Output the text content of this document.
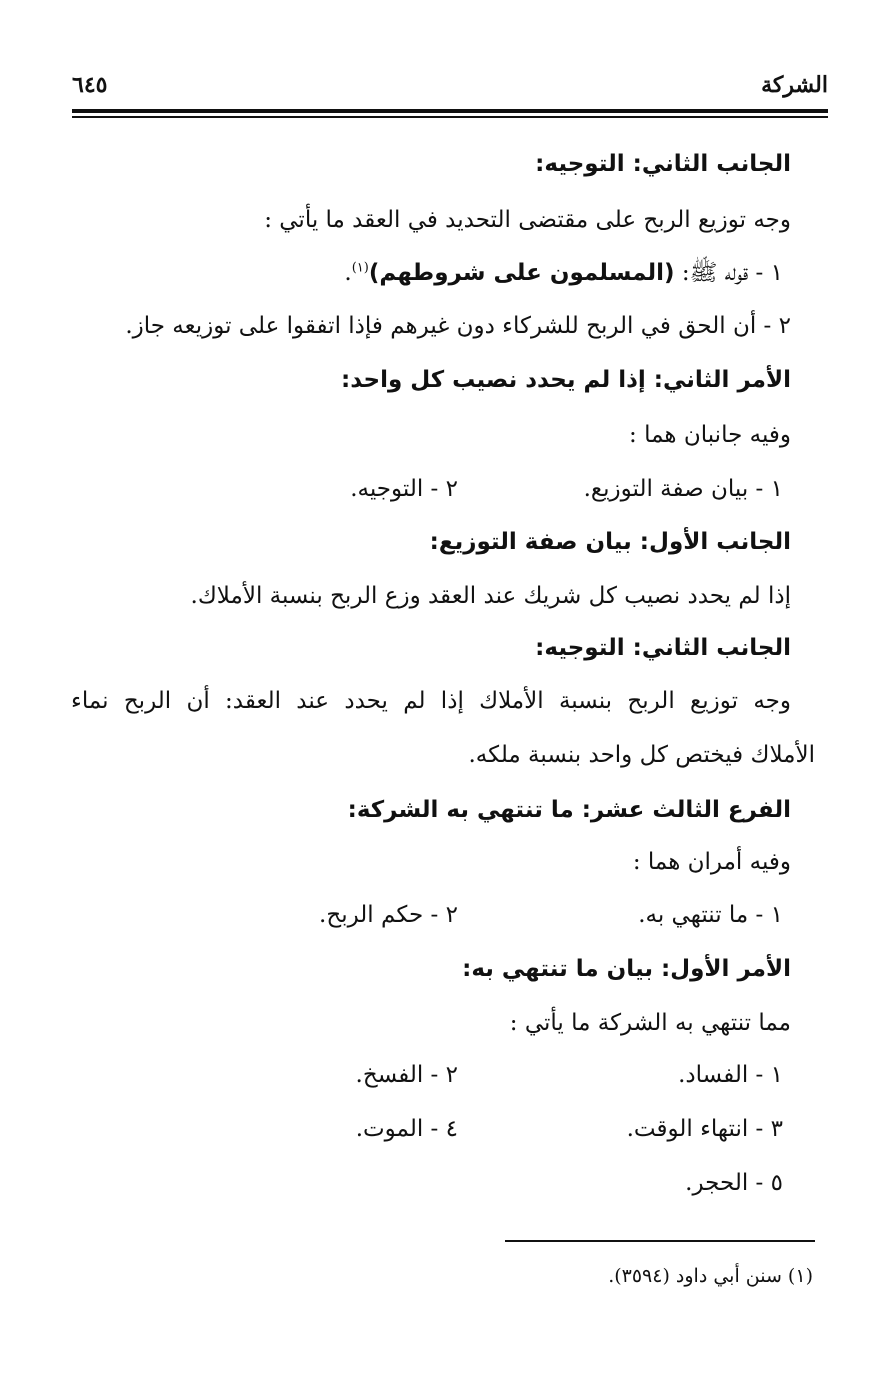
الشركة
٦٤٥
الجانب الثاني: التوجيه:
وجه توزيع الربح على مقتضى التحديد في العقد ما يأتي :
١ - قوله ﷺ: (المسلمون على شروطهم)$^{(١)}$.
٢ - أن الحق في الربح للشركاء دون غيرهم فإذا اتفقوا على توزيعه جاز.
الأمر الثاني: إذا لم يحدد نصيب كل واحد:
وفيه جانبان هما :
١ - بيان صفة التوزيع.
٢ - التوجيه.
الجانب الأول: بيان صفة التوزيع:
إذا لم يحدد نصيب كل شريك عند العقد وزع الربح بنسبة الأملاك.
الجانب الثاني: التوجيه:
وجه توزيع الربح بنسبة الأملاك إذا لم يحدد عند العقد: أن الربح نماء
الأملاك فيختص كل واحد بنسبة ملكه.
الفرع الثالث عشر: ما تنتهي به الشركة:
وفيه أمران هما :
١ - ما تنتهي به.
٢ - حكم الربح.
الأمر الأول: بيان ما تنتهي به:
مما تنتهي به الشركة ما يأتي :
١ - الفساد.
٢ - الفسخ.
٣ - انتهاء الوقت.
٤ - الموت.
٥ - الحجر.
(١) سنن أبي داود (٣٥٩٤).
